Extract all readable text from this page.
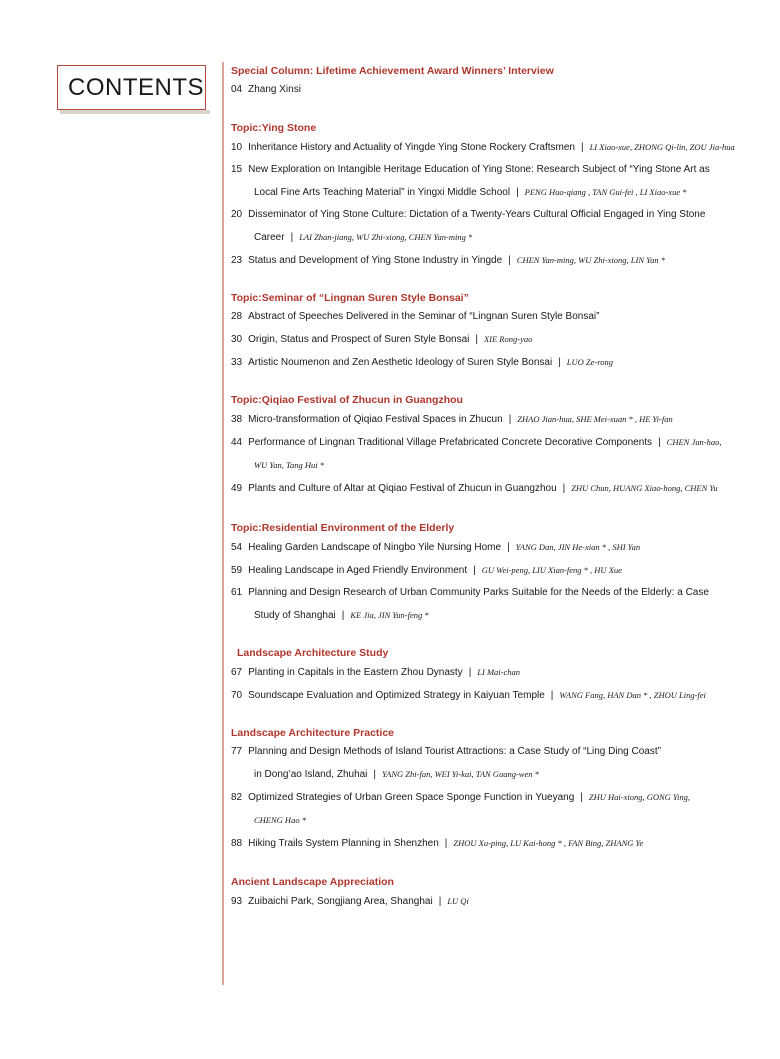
CONTENTS
Special Column: Lifetime Achievement Award Winners’ Interview
04 Zhang Xinsi
Topic:Ying Stone
10 Inheritance History and Actuality of Yingde Ying Stone Rockery Craftsmen | LI Xiao-xue, ZHONG Qi-lin, ZOU Jia-hua
15 New Exploration on Intangible Heritage Education of Ying Stone: Research Subject of “Ying Stone Art as
Local Fine Arts Teaching Material” in Yingxi Middle School | PENG Huo-qiang , TAN Gui-fei , LI Xiao-xue *
20 Disseminator of Ying Stone Culture: Dictation of a Twenty-Years Cultural Official Engaged in Ying Stone
Career | LAI Zhan-jiang, WU Zhi-xiong, CHEN Yan-ming *
23 Status and Development of Ying Stone Industry in Yingde | CHEN Yan-ming, WU Zhi-xiong, LIN Yan *
Topic:Seminar of “Lingnan Suren Style Bonsai”
28 Abstract of Speeches Delivered in the Seminar of “Lingnan Suren Style Bonsai”
30 Origin, Status and Prospect of Suren Style Bonsai | XIE Rong-yao
33 Artistic Noumenon and Zen Aesthetic Ideology of Suren Style Bonsai | LUO Ze-rong
Topic:Qiqiao Festival of Zhucun in Guangzhou
38 Micro-transformation of Qiqiao Festival Spaces in Zhucun | ZHAO Jian-hua, SHE Mei-xuan * , HE Yi-fan
44 Performance of Lingnan Traditional Village Prefabricated Concrete Decorative Components | CHEN Jun-hao,
WU Yan, Tang Hui *
49 Plants and Culture of Altar at Qiqiao Festival of Zhucun in Guangzhou | ZHU Chun, HUANG Xiao-hong, CHEN Yu
Topic:Residential Environment of the Elderly
54 Healing Garden Landscape of Ningbo Yile Nursing Home | YANG Dan, JIN He-xian * , SHI Yan
59 Healing Landscape in Aged Friendly Environment | GU Wei-peng, LIU Xian-feng * , HU Xue
61 Planning and Design Research of Urban Community Parks Suitable for the Needs of the Elderly: a Case
Study of Shanghai | KE Jia, JIN Yun-feng *
Landscape Architecture Study
67 Planting in Capitals in the Eastern Zhou Dynasty | LI Mai-chan
70 Soundscape Evaluation and Optimized Strategy in Kaiyuan Temple | WANG Fang, HAN Dan * , ZHOU Ling-fei
Landscape Architecture Practice
77 Planning and Design Methods of Island Tourist Attractions: a Case Study of “Ling Ding Coast”
in Dong’ao Island, Zhuhai | YANG Zhi-fan, WEI Yi-kai, TAN Guang-wen *
82 Optimized Strategies of Urban Green Space Sponge Function in Yueyang | ZHU Hai-xiong, GONG Ying,
CHENG Hao *
88 Hiking Trails System Planning in Shenzhen | ZHOU Xu-ping, LU Kai-hong * , FAN Bing, ZHANG Ye
Ancient Landscape Appreciation
93 Zuibaichi Park, Songjiang Area, Shanghai | LU Qi
